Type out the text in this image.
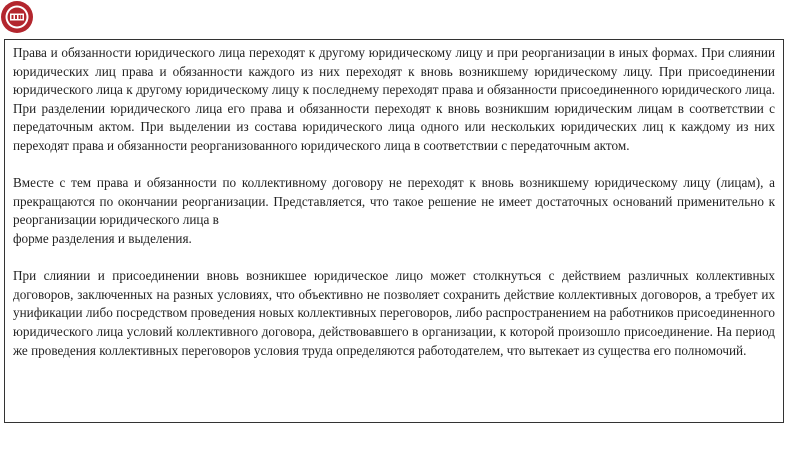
Права и обязанности юридического лица переходят к другому юридическому лицу и при реорганизации в иных формах. При слиянии юридических лиц права и обязанности каждого из них переходят к вновь возникшему юридическому лицу. При присоединении юридического лица к другому юридическому лицу к последнему переходят права и обязанности присоединенного юридического лица. При разделении юридического лица его права и обязанности переходят к вновь возникшим юридическим лицам в соответствии с передаточным актом. При выделении из состава юридического лица одного или нескольких юридических лиц к каждому из них переходят права и обязанности реорганизованного юридического лица в соответствии с передаточным актом.

Вместе с тем права и обязанности по коллективному договору не переходят к вновь возникшему юридическому лицу (лицам), а прекращаются по окончании реорганизации. Представляется, что такое решение не имеет достаточных оснований применительно к реорганизации юридического лица в
форме разделения и выделения.

При слиянии и присоединении вновь возникшее юридическое лицо может столкнуться с действием различных коллективных договоров, заключенных на разных условиях, что объективно не позволяет сохранить действие коллективных договоров, а требует их унификации либо посредством проведения новых коллективных переговоров, либо распространением на работников присоединенного юридического лица условий коллективного договора, действовавшего в организации, к которой произошло присоединение. На период же проведения коллективных переговоров условия труда определяются работодателем, что вытекает из существа его полномочий.
